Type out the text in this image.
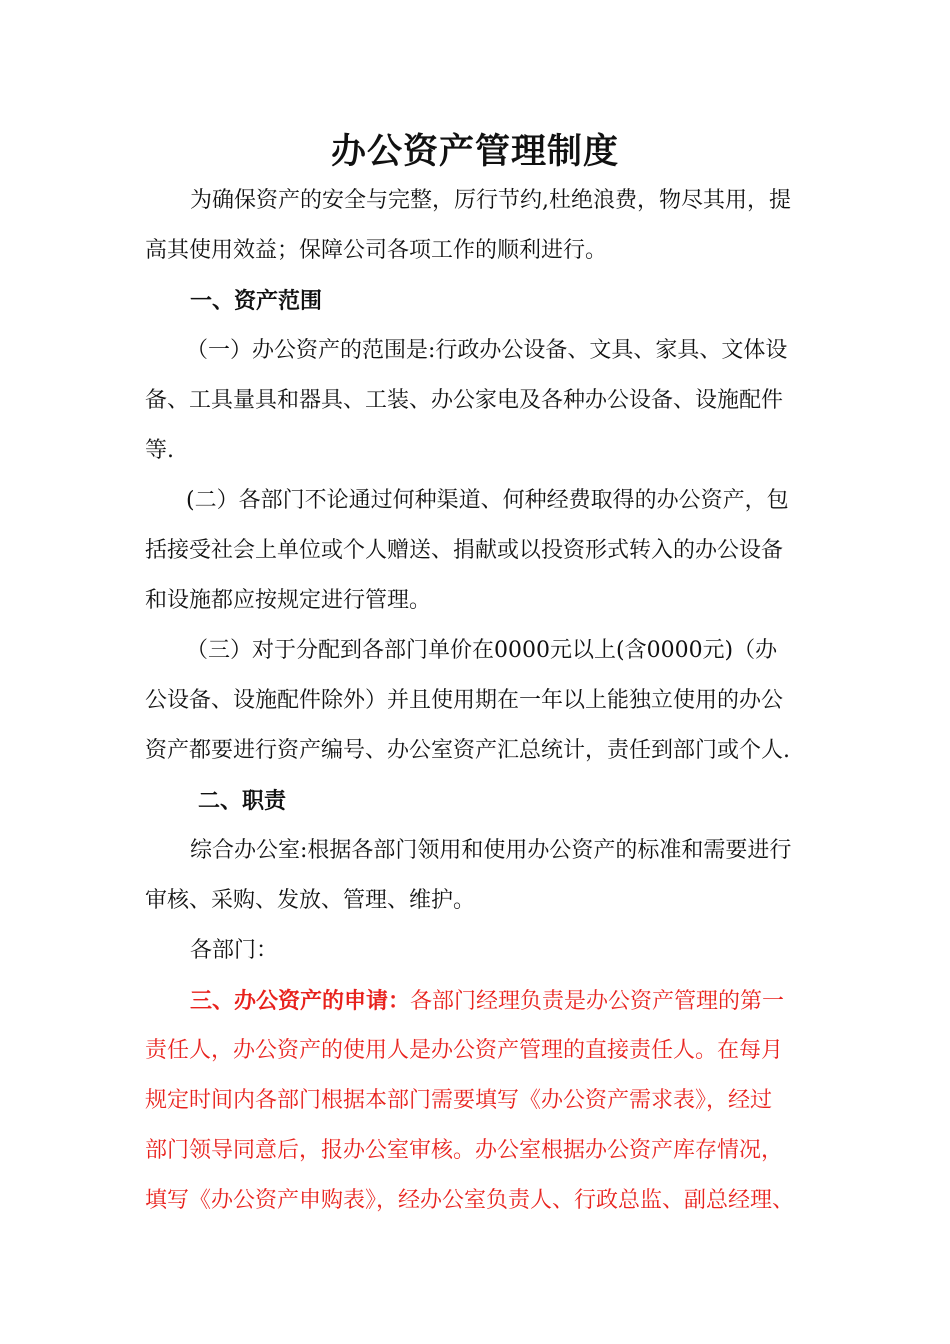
办公资产管理制度
为确保资产的安全与完整，厉行节约,杜绝浪费，物尽其用，提
高其使用效益；保障公司各项工作的顺利进行。
一、资产范围
（一）办公资产的范围是:行政办公设备、文具、家具、文体设
备、工具量具和器具、工装、办公家电及各种办公设备、设施配件
等.
(二）各部门不论通过何种渠道、何种经费取得的办公资产，包
括接受社会上单位或个人赠送、捐献或以投资形式转入的办公设备
和设施都应按规定进行管理。
（三）对于分配到各部门单价在0000元以上(含0000元)（办
公设备、设施配件除外）并且使用期在一年以上能独立使用的办公
资产都要进行资产编号、办公室资产汇总统计，责任到部门或个人.
二、职责
综合办公室:根据各部门领用和使用办公资产的标准和需要进行
审核、采购、发放、管理、维护。
各部门：
三、办公资产的申请：各部门经理负责是办公资产管理的第一
责任人，办公资产的使用人是办公资产管理的直接责任人。在每月
规定时间内各部门根据本部门需要填写《办公资产需求表》，经过
部门领导同意后，报办公室审核。办公室根据办公资产库存情况，
填写《办公资产申购表》，经办公室负责人、行政总监、副总经理、
